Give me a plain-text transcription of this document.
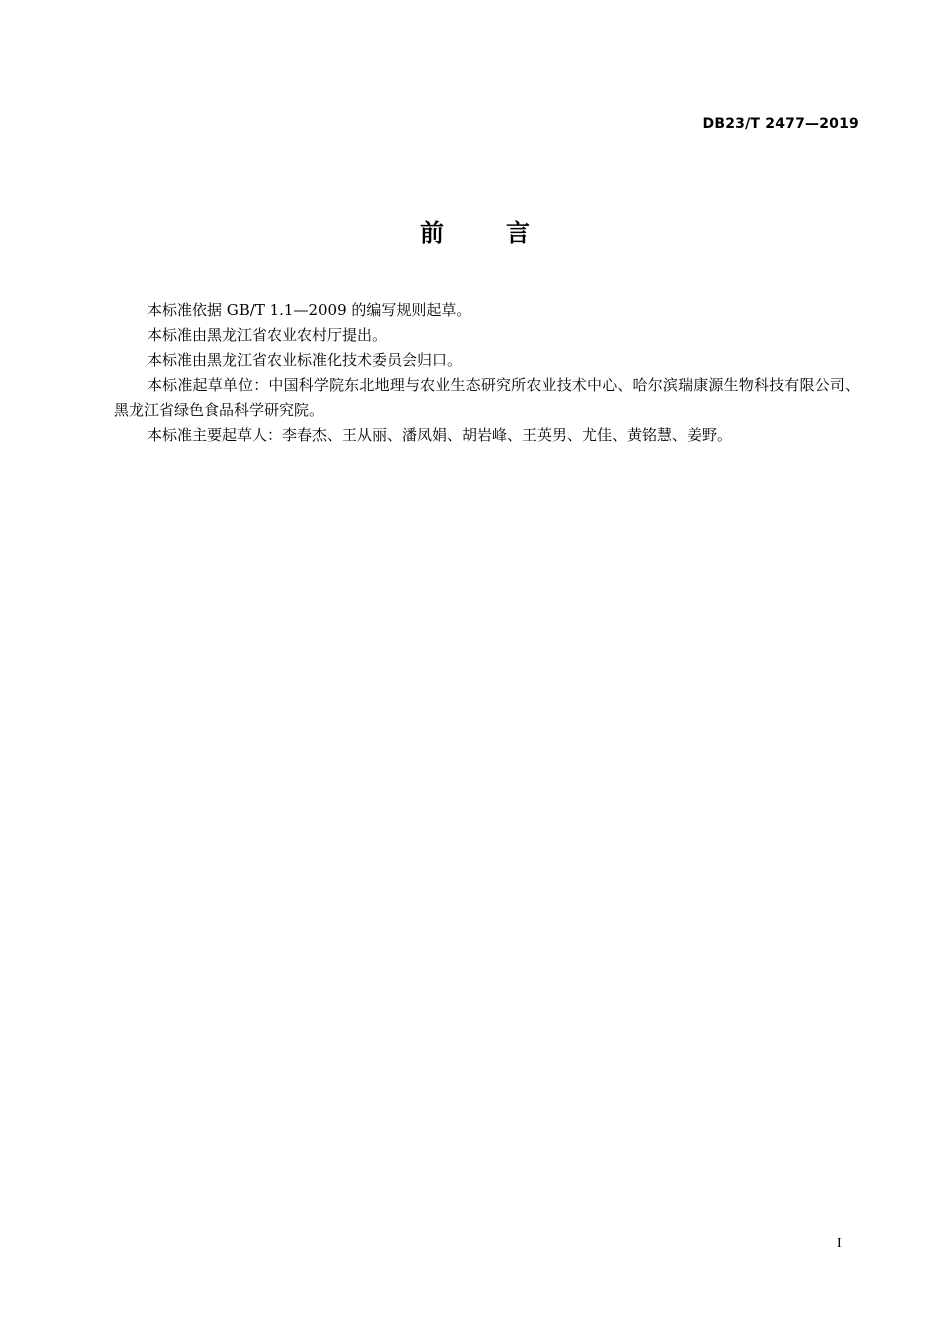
DB23/T 2477—2019
前	言

本标准依据 GB/T 1.1—2009 的编写规则起草。

本标准由黑龙江省农业农村厅提出。

本标准由黑龙江省农业标准化技术委员会归口。

本标准起草单位：中国科学院东北地理与农业生态研究所农业技术中心、哈尔滨瑞康源生物科技有限公司、黑龙江省绿色食品科学研究院。

本标准主要起草人：李春杰、王从丽、潘凤娟、胡岩峰、王英男、尤佳、黄铭慧、姜野。

I
